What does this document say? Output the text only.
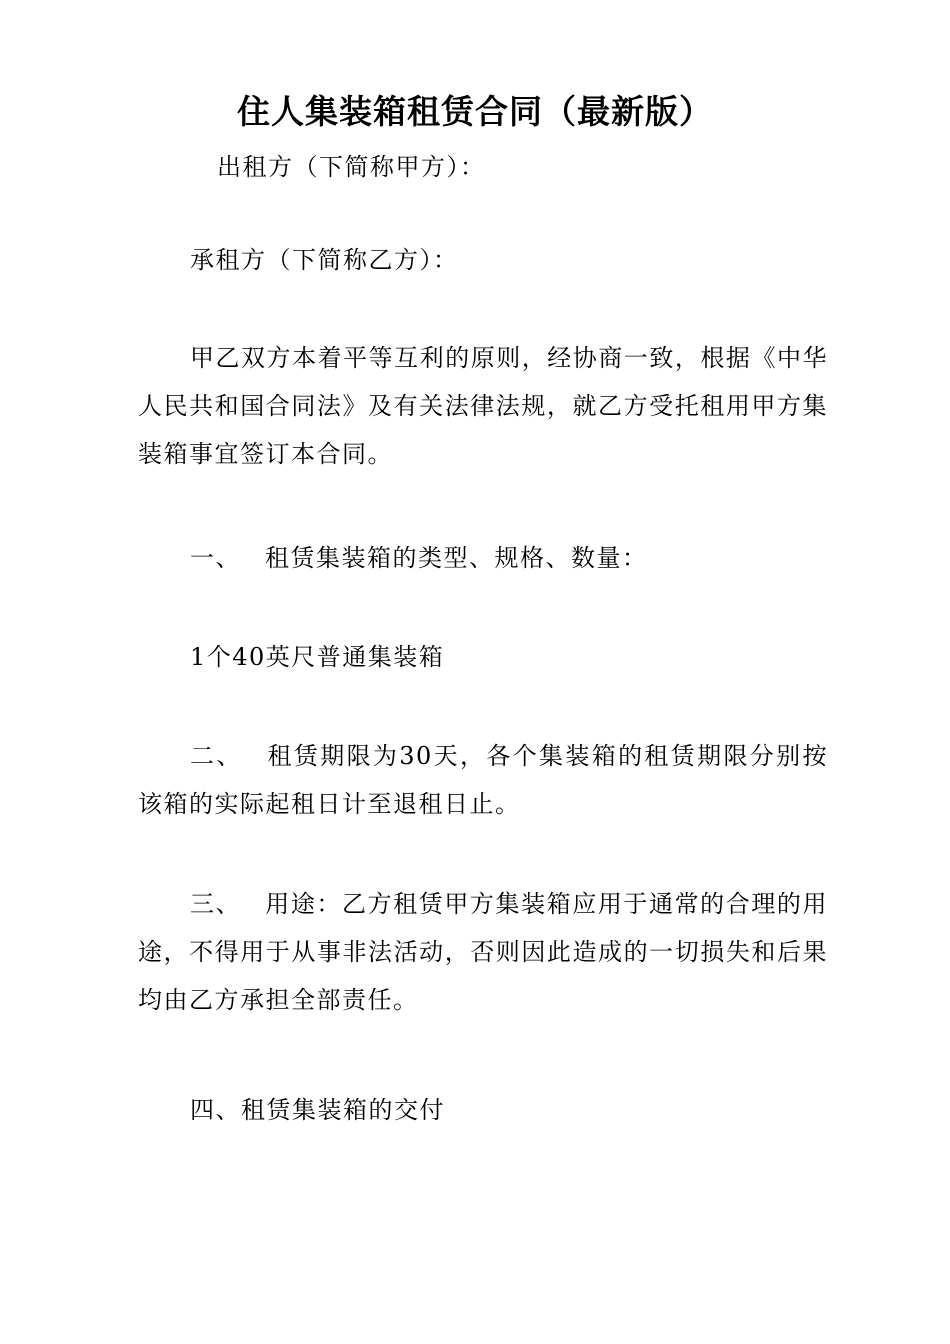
住人集装箱租赁合同（最新版）

出租方（下简称甲方）：

承租方（下简称乙方）：

甲乙双方本着平等互利的原则，经协商一致，根据《中华人民共和国合同法》及有关法律法规，就乙方受托租用甲方集装箱事宜签订本合同。

一、 租赁集装箱的类型、规格、数量：

1个40英尺普通集装箱

二、 租赁期限为30天，各个集装箱的租赁期限分别按该箱的实际起租日计至退租日止。

三、 用途：乙方租赁甲方集装箱应用于通常的合理的用途，不得用于从事非法活动，否则因此造成的一切损失和后果均由乙方承担全部责任。

四、租赁集装箱的交付
